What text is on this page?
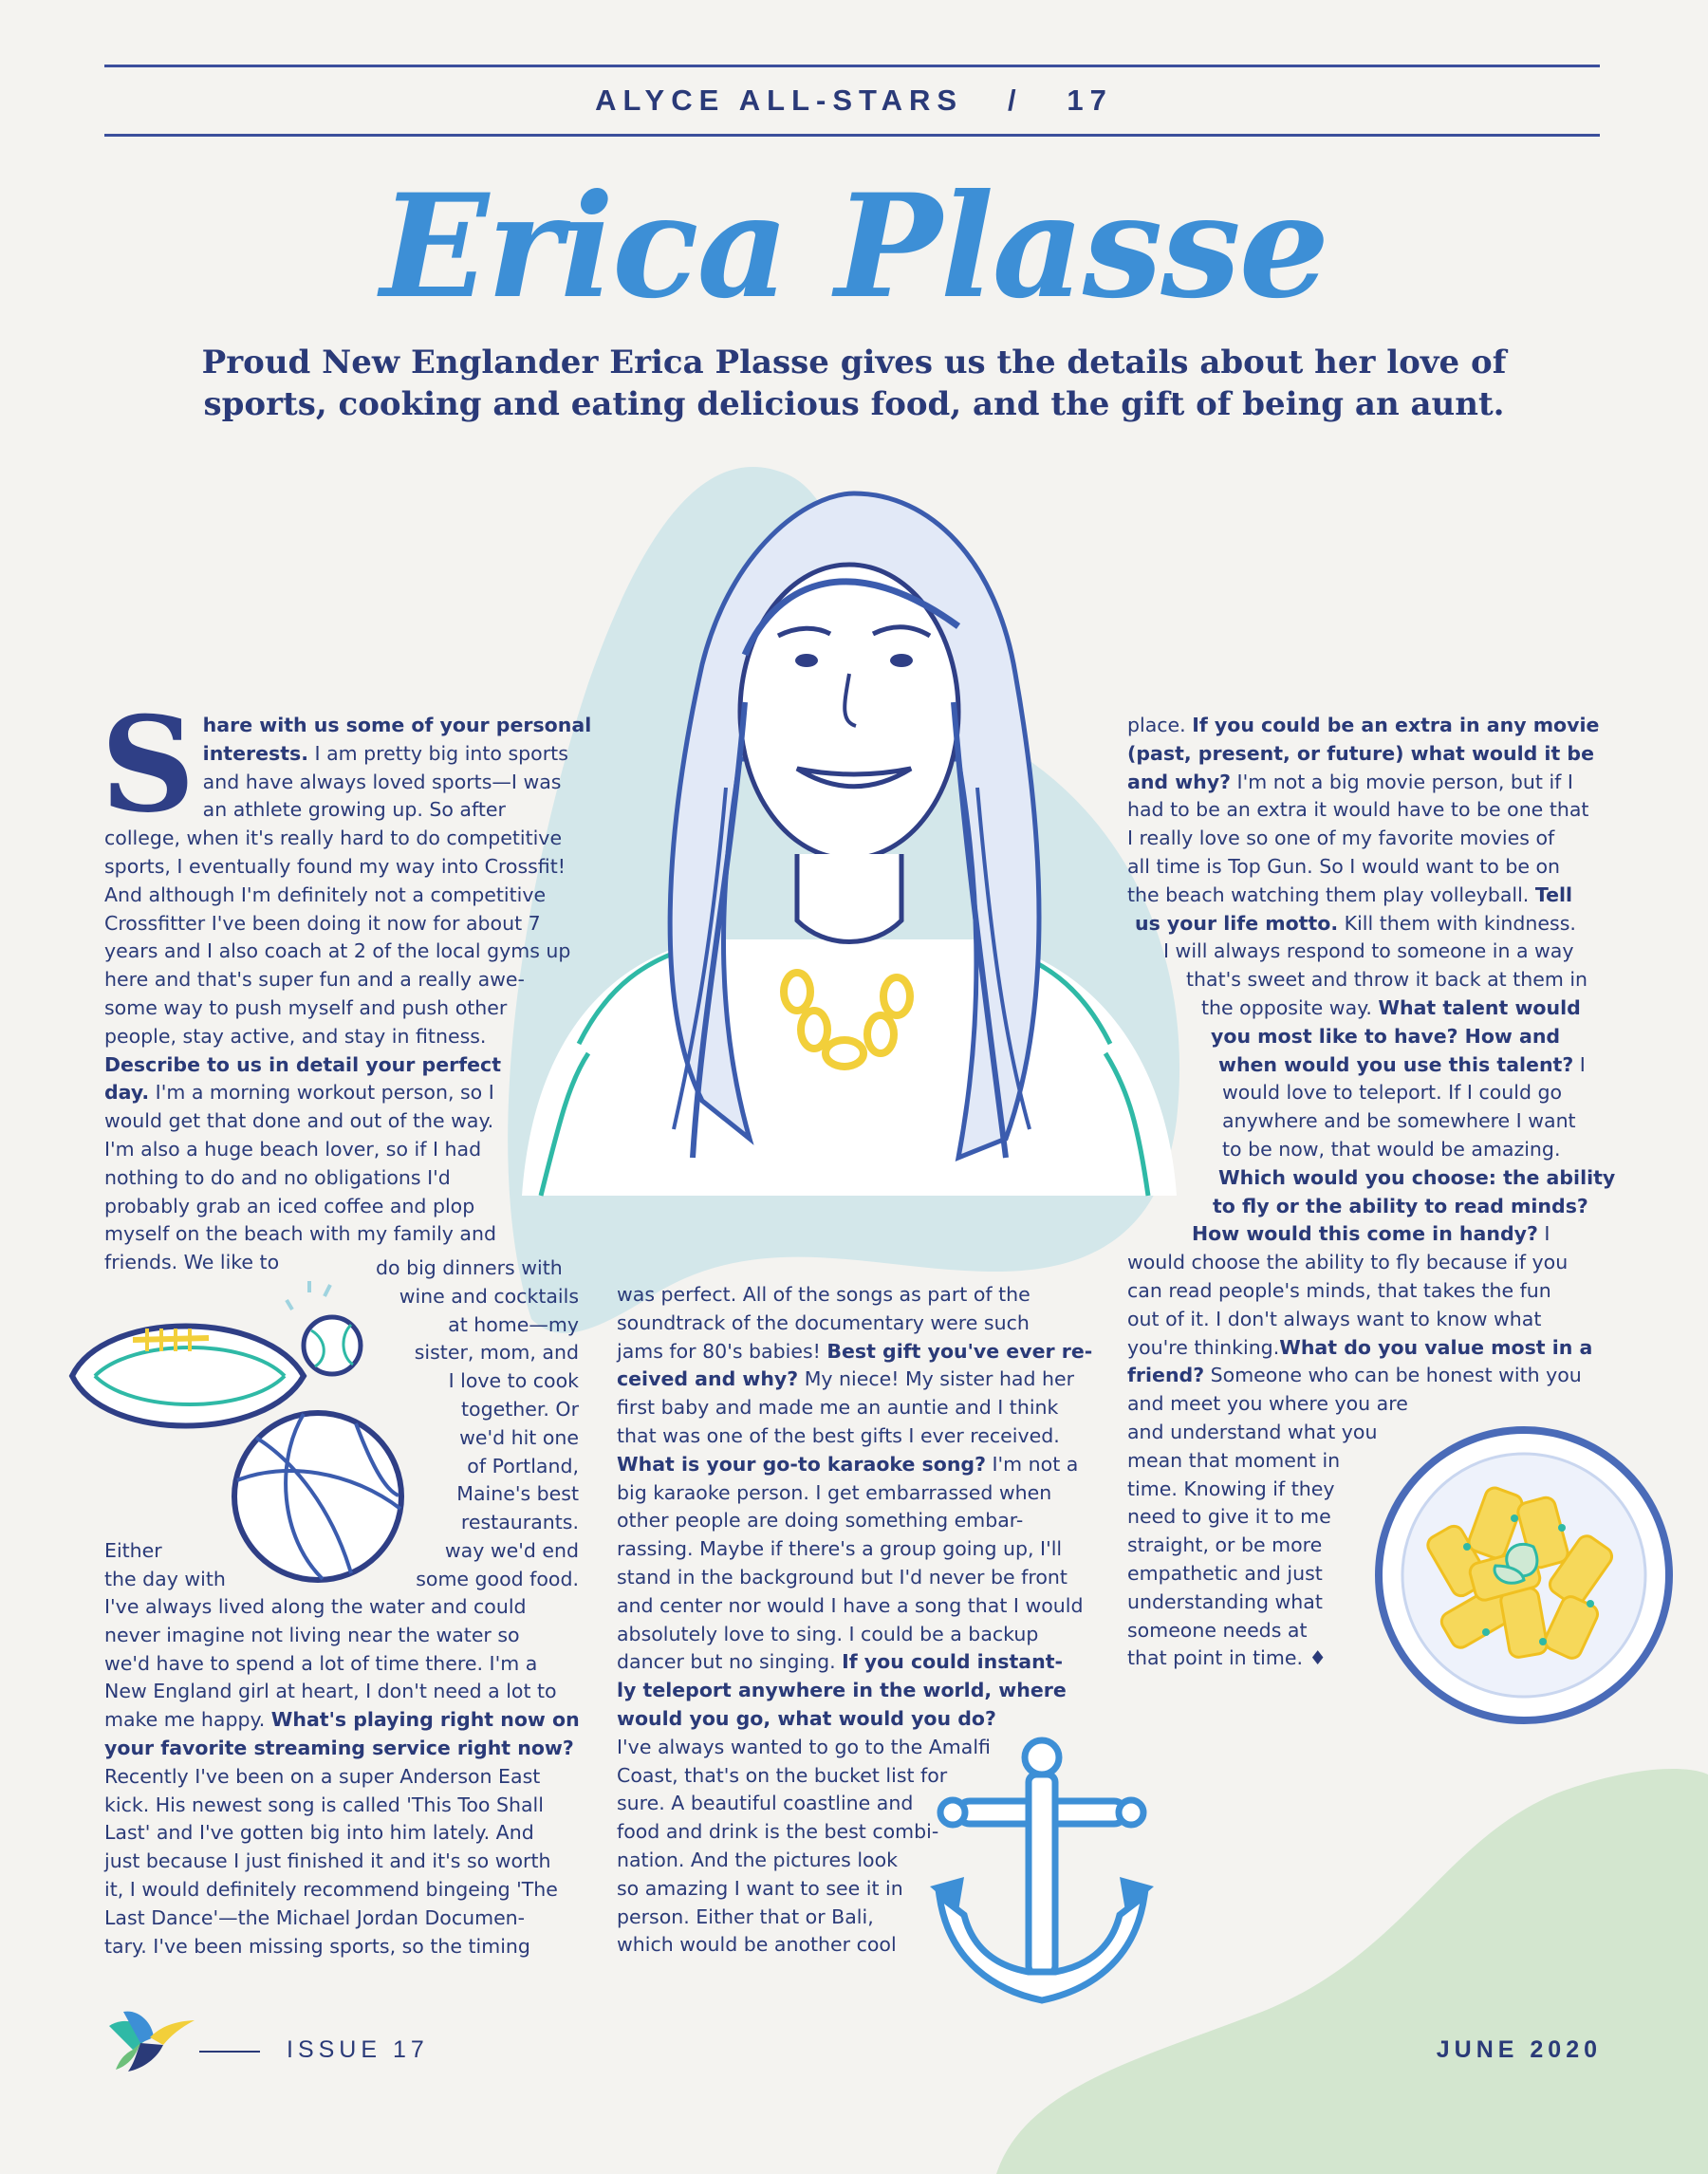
ALYCE ALL-STARS / 17
Erica Plasse
Proud New Englander Erica Plasse gives us the details about her love of
sports, cooking and eating delicious food, and the gift of being an aunt.
S hare with us some of your personal
interests. I am pretty big into sports
and have always loved sports—I was
an athlete growing up. So after
college, when it's really hard to do competitive
sports, I eventually found my way into Crossfit!
And although I'm definitely not a competitive
Crossfitter I've been doing it now for about 7
years and I also coach at 2 of the local gyms up
here and that's super fun and a really awe-
some way to push myself and push other
people, stay active, and stay in fitness.
Describe to us in detail your perfect
day. I'm a morning workout person, so I
would get that done and out of the way.
I'm also a huge beach lover, so if I had
nothing to do and no obligations I'd
probably grab an iced coffee and plop
myself on the beach with my family and
friends. We like to	do big dinners with
wine and cocktails
at home—my
sister, mom, and
I love to cook
together. Or
we'd hit one
of Portland,
Maine's best
restaurants.
way we'd end
some good food.
Either
the day with
I've always lived along the water and could
never imagine not living near the water so
we'd have to spend a lot of time there. I'm a
New England girl at heart, I don't need a lot to
make me happy. What's playing right now on
your favorite streaming service right now?
Recently I've been on a super Anderson East
kick. His newest song is called 'This Too Shall
Last' and I've gotten big into him lately. And
just because I just finished it and it's so worth
it, I would definitely recommend bingeing 'The
Last Dance'—the Michael Jordan Documen-
tary. I've been missing sports, so the timing
was perfect. All of the songs as part of the
soundtrack of the documentary were such
jams for 80's babies! Best gift you've ever re-
ceived and why? My niece! My sister had her
first baby and made me an auntie and I think
that was one of the best gifts I ever received.
What is your go-to karaoke song? I'm not a
big karaoke person. I get embarrassed when
other people are doing something embar-
rassing. Maybe if there's a group going up, I'll
stand in the background but I'd never be front
and center nor would I have a song that I would
absolutely love to sing. I could be a backup
dancer but no singing. If you could instant-
ly teleport anywhere in the world, where
would you go, what would you do?
I've always wanted to go to the Amalfi
Coast, that's on the bucket list for
sure. A beautiful coastline and
food and drink is the best combi-
nation. And the pictures look
so amazing I want to see it in
person. Either that or Bali,
which would be another cool
place. If you could be an extra in any movie
(past, present, or future) what would it be
and why? I'm not a big movie person, but if I
had to be an extra it would have to be one that
I really love so one of my favorite movies of
all time is Top Gun. So I would want to be on
the beach watching them play volleyball. Tell
us your life motto. Kill them with kindness.
I will always respond to someone in a way
that's sweet and throw it back at them in
the opposite way. What talent would
you most like to have? How and
when would you use this talent? I
would love to teleport. If I could go
anywhere and be somewhere I want
to be now, that would be amazing.
Which would you choose: the ability
to fly or the ability to read minds?
How would this come in handy? I
would choose the ability to fly because if you
can read people's minds, that takes the fun
out of it. I don't always want to know what
you're thinking.What do you value most in a
friend? Someone who can be honest with you
and meet you where you are
and understand what you
mean that moment in
time. Knowing if they
need to give it to me
straight, or be more
empathetic and just
understanding what
someone needs at
that point in time. ♦
ISSUE 17	JUNE 2020
